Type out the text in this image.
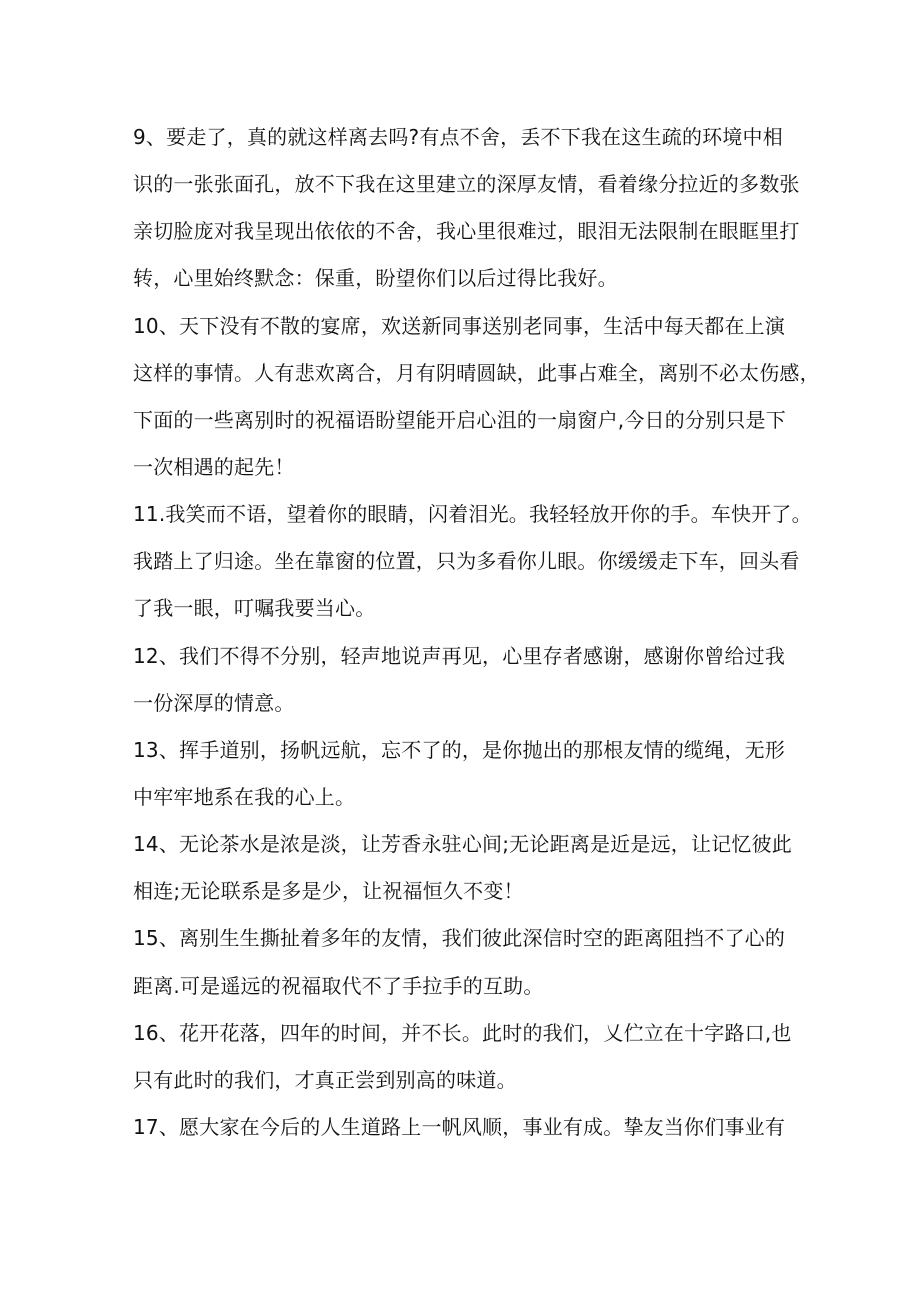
9、要走了，真的就这样离去吗?有点不舍，丢不下我在这生疏的环境中相
识的一张张面孔，放不下我在这里建立的深厚友情，看着缘分拉近的多数张
亲切脸庞对我呈现出依依的不舍，我心里很难过，眼泪无法限制在眼眶里打
转，心里始终默念：保重，盼望你们以后过得比我好。
10、天下没有不散的宴席，欢送新同事送别老同事，生活中每天都在上演
这样的事情。人有悲欢离合，月有阴晴圆缺，此事占难全，离别不必太伤感，
下面的一些离别时的祝福语盼望能开启心沮的一扇窗户,今日的分别只是下
一次相遇的起先！
11.我笑而不语，望着你的眼睛，闪着泪光。我轻轻放开你的手。车快开了。
我踏上了归途。坐在靠窗的位置，只为多看你儿眼。你缓缓走下车，回头看
了我一眼，叮嘱我要当心。
12、我们不得不分别，轻声地说声再见，心里存者感谢，感谢你曾给过我
一份深厚的情意。
13、挥手道别，扬帆远航，忘不了的，是你抛出的那根友情的缆绳，无形
中牢牢地系在我的心上。
14、无论茶水是浓是淡，让芳香永驻心间;无论距离是近是远，让记忆彼此
相连;无论联系是多是少，让祝福恒久不变！
15、离别生生撕扯着多年的友情，我们彼此深信时空的距离阻挡不了心的
距离.可是遥远的祝福取代不了手拉手的互助。
16、花开花落，四年的时间，并不长。此时的我们，乂伫立在十字路口,也
只有此时的我们，才真正尝到别高的味道。
17、愿大家在今后的人生道路上一帆风顺，事业有成。挚友当你们事业有
